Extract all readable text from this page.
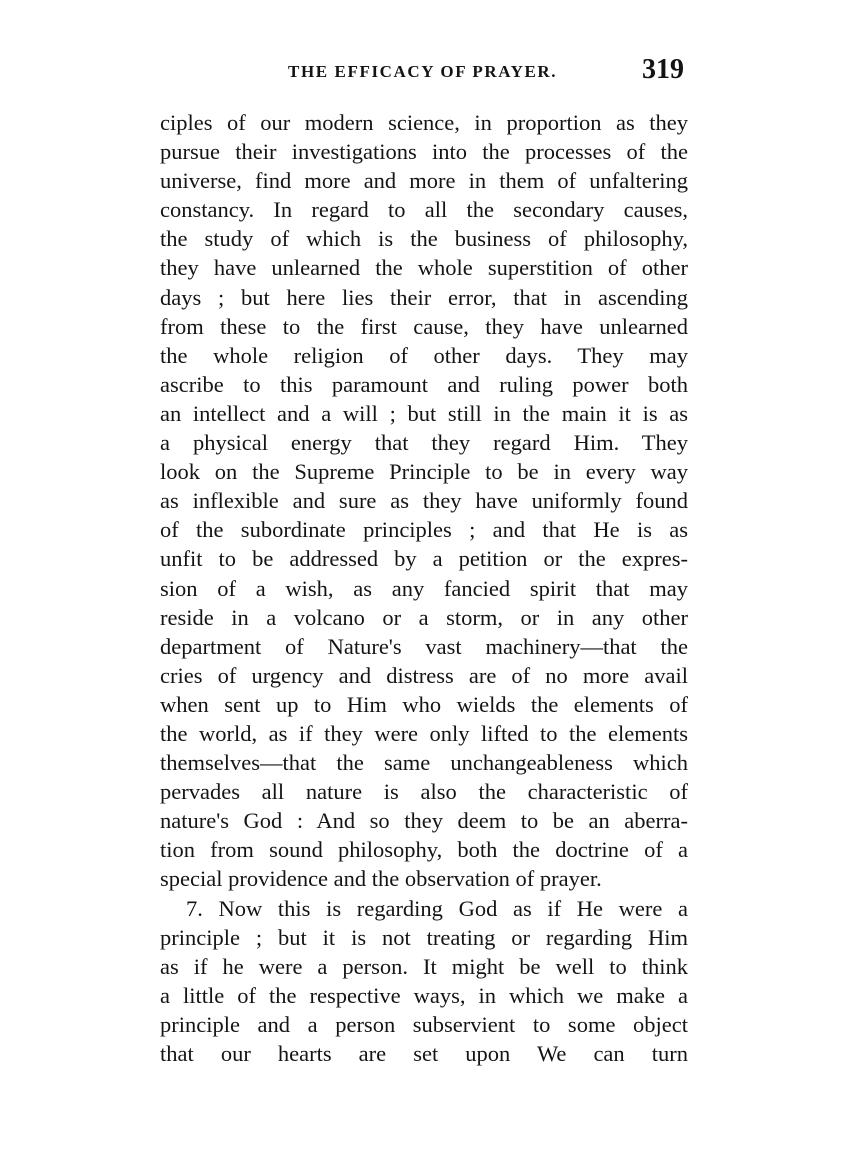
THE EFFICACY OF PRAYER.	319
ciples of our modern science, in proportion as they
pursue their investigations into the processes of the
universe, find more and more in them of unfaltering
constancy. In regard to all the secondary causes,
the study of which is the business of philosophy,
they have unlearned the whole superstition of other
days ; but here lies their error, that in ascending
from these to the first cause, they have unlearned
the whole religion of other days. They may
ascribe to this paramount and ruling power both
an intellect and a will ; but still in the main it is as
a physical energy that they regard Him. They
look on the Supreme Principle to be in every way
as inflexible and sure as they have uniformly found
of the subordinate principles ; and that He is as
unfit to be addressed by a petition or the expres-
sion of a wish, as any fancied spirit that may
reside in a volcano or a storm, or in any other
department of Nature's vast machinery—that the
cries of urgency and distress are of no more avail
when sent up to Him who wields the elements of
the world, as if they were only lifted to the elements
themselves—that the same unchangeableness which
pervades all nature is also the characteristic of
nature's God : And so they deem to be an aberra-
tion from sound philosophy, both the doctrine of a
special providence and the observation of prayer.
7. Now this is regarding God as if He were a
principle ; but it is not treating or regarding Him
as if he were a person. It might be well to think
a little of the respective ways, in which we make a
principle and a person subservient to some object
that our hearts are set upon We can turn
